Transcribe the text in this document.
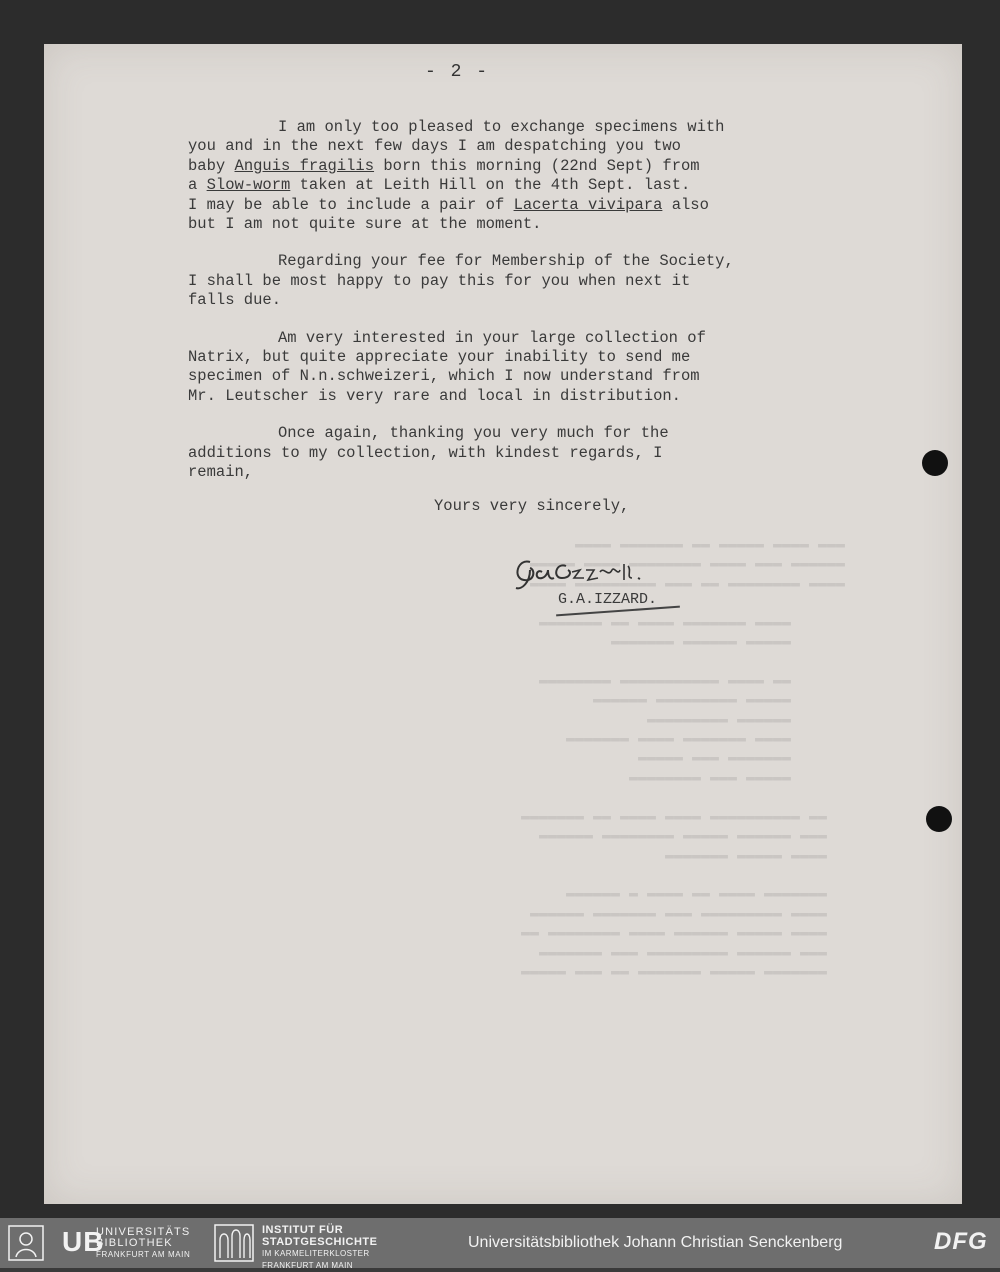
- 2 -

I am only too pleased to exchange specimens with
you and in the next few days I am despatching you two
baby Anguis fragilis born this morning (22nd Sept) from
a Slow-worm taken at Leith Hill on the 4th Sept. last.
I may be able to include a pair of Lacerta vivipara also
but I am not quite sure at the moment.

Regarding your fee for Membership of the Society,
I shall be most happy to pay this for you when next it
falls due.

Am very interested in your large collection of
Natrix, but quite appreciate your inability to send me
specimen of N.n.schweizeri, which I now understand from
Mr. Leutscher is very rare and local in distribution.

Once again, thanking you very much for the
additions to my collection, with kindest regards, I
remain,

Yours very sincerely,
G.A.IZZARD.
UB
UNIVERSITÄTS
BIBLIOTHEK
FRANKFURT AM MAIN
INSTITUT FÜR
STADTGESCHICHTE
IM KARMELITERKLOSTER
FRANKFURT AM MAIN
Universitätsbibliothek Johann Christian Senckenberg	DFG
